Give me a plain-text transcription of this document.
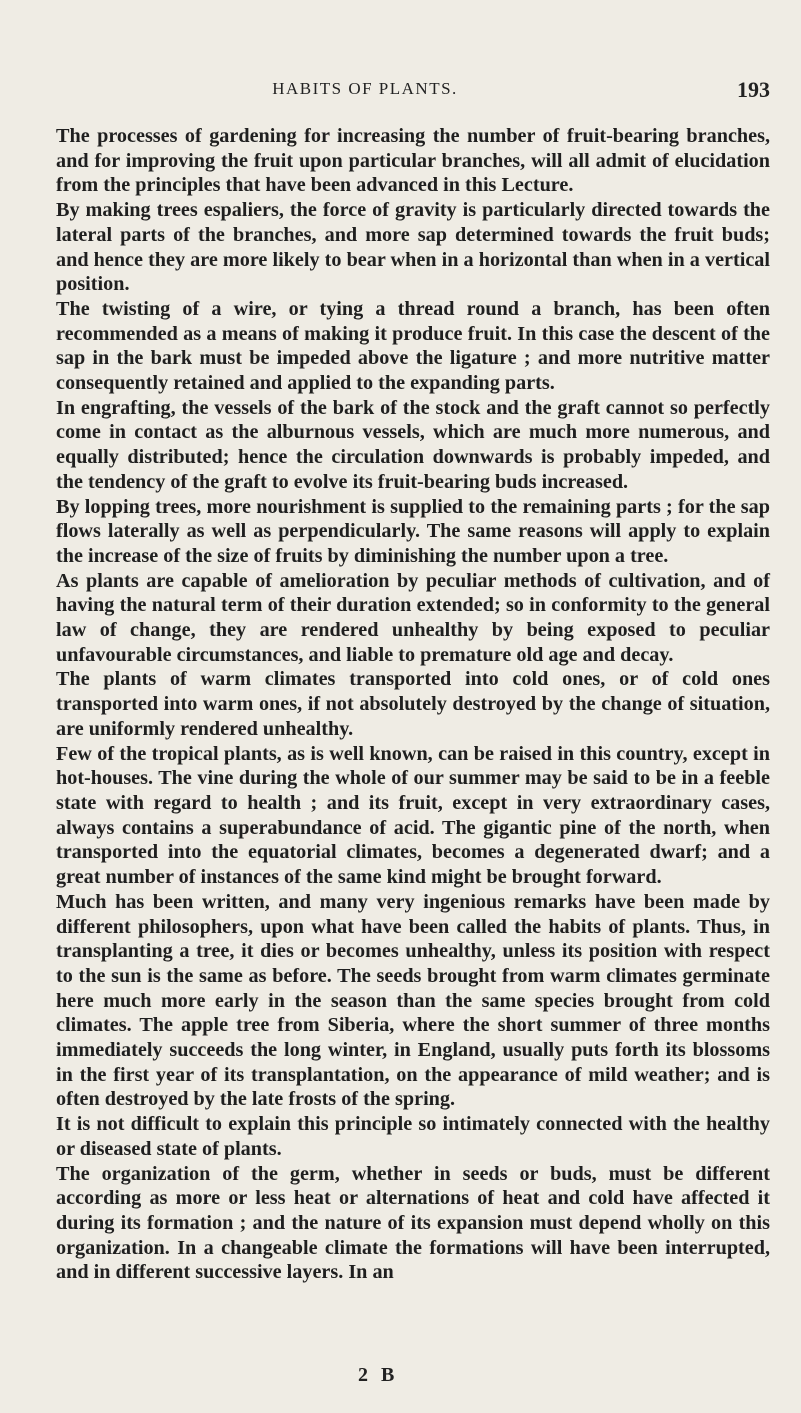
HABITS OF PLANTS.	193

The processes of gardening for increasing the number of fruit-bearing branches, and for improving the fruit upon particular branches, will all admit of elucidation from the principles that have been advanced in this Lecture.

By making trees espaliers, the force of gravity is particularly directed towards the lateral parts of the branches, and more sap determined towards the fruit buds; and hence they are more likely to bear when in a horizontal than when in a vertical position.

The twisting of a wire, or tying a thread round a branch, has been often recommended as a means of making it produce fruit. In this case the descent of the sap in the bark must be impeded above the ligature ; and more nutritive matter consequently retained and applied to the expanding parts.

In engrafting, the vessels of the bark of the stock and the graft cannot so perfectly come in contact as the alburnous vessels, which are much more numerous, and equally distributed; hence the circulation downwards is probably impeded, and the tendency of the graft to evolve its fruit-bearing buds increased.

By lopping trees, more nourishment is supplied to the remaining parts ; for the sap flows laterally as well as perpendicularly. The same reasons will apply to explain the increase of the size of fruits by diminishing the number upon a tree.

As plants are capable of amelioration by peculiar methods of cultivation, and of having the natural term of their duration extended; so in conformity to the general law of change, they are rendered unhealthy by being exposed to peculiar unfavourable circumstances, and liable to premature old age and decay.

The plants of warm climates transported into cold ones, or of cold ones transported into warm ones, if not absolutely destroyed by the change of situation, are uniformly rendered unhealthy.

Few of the tropical plants, as is well known, can be raised in this country, except in hot-houses. The vine during the whole of our summer may be said to be in a feeble state with regard to health ; and its fruit, except in very extraordinary cases, always contains a superabundance of acid. The gigantic pine of the north, when transported into the equatorial climates, becomes a degenerated dwarf; and a great number of instances of the same kind might be brought forward.

Much has been written, and many very ingenious remarks have been made by different philosophers, upon what have been called the habits of plants. Thus, in transplanting a tree, it dies or becomes unhealthy, unless its position with respect to the sun is the same as before. The seeds brought from warm climates germinate here much more early in the season than the same species brought from cold climates. The apple tree from Siberia, where the short summer of three months immediately succeeds the long winter, in England, usually puts forth its blossoms in the first year of its transplantation, on the appearance of mild weather; and is often destroyed by the late frosts of the spring.

It is not difficult to explain this principle so intimately connected with the healthy or diseased state of plants.

The organization of the germ, whether in seeds or buds, must be different according as more or less heat or alternations of heat and cold have affected it during its formation ; and the nature of its expansion must depend wholly on this organization. In a changeable climate the formations will have been interrupted, and in different successive layers. In an

2 B
